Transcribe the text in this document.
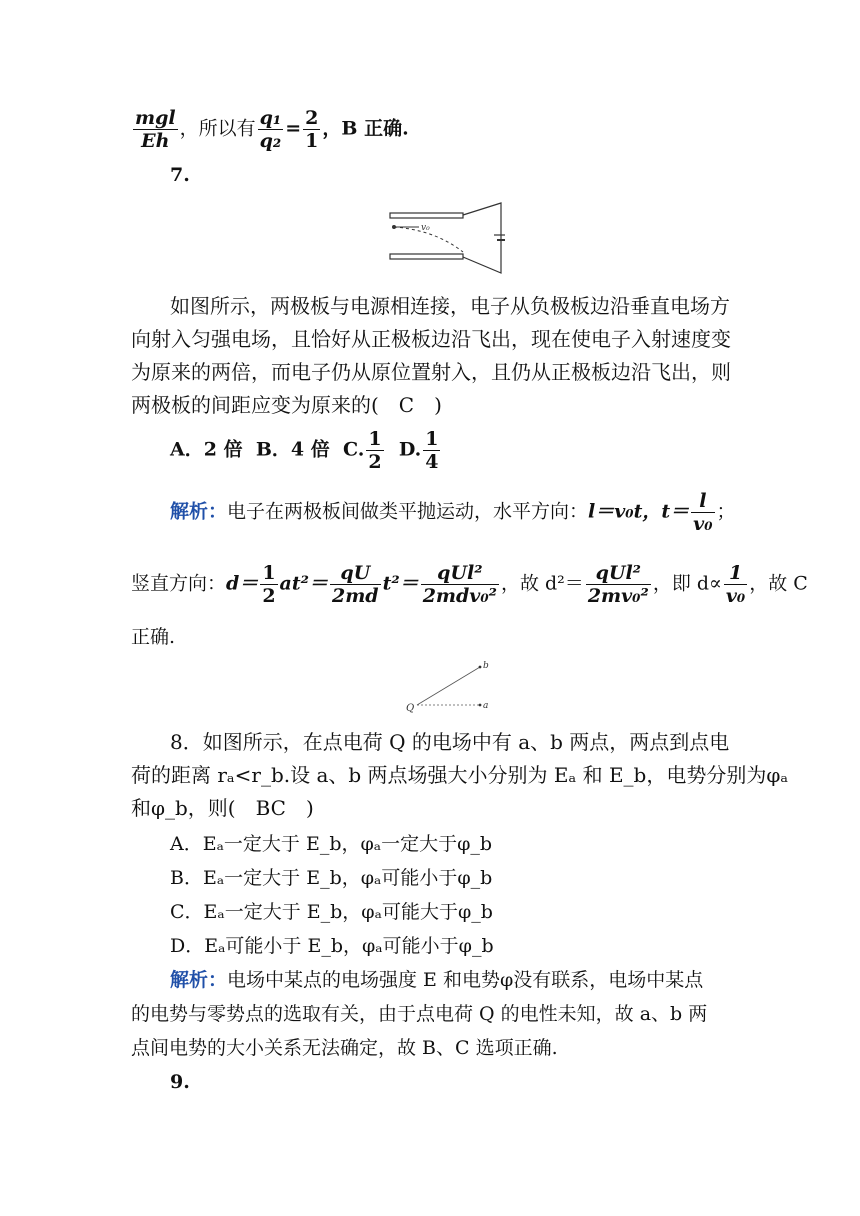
$\frac{\text{mgl}}{Eh}$ ，所以有 $\frac{\text{q₁}}{\text{q₂}} = \frac{2}{1}$ ，B 正确.
7.
v₀
如图所示，两极板与电源相连接，电子从负极板边沿垂直电场方
向射入匀强电场，且恰好从正极板边沿飞出，现在使电子入射速度变
为原来的两倍，而电子仍从原位置射入，且仍从正极板边沿飞出，则
两极板的间距应变为原来的(　C　)
A．2 倍 B．4 倍 C. $\frac{1}{2} D$. $\frac{1}{4}$
解析：电子在两极板间做类平抛运动，水平方向：l＝v₀t，$t= \frac{l}{\text{v₀}}$ ；
竖直方向：$d= \frac{1}{2} at^2= \frac{qU}{2md} t^2= \frac{\text{qUl²}}{\text{2mdv₀²}}$ ，故 $d^2= \frac{\text{qUl²}}{\text{2mv₀²}}$ ，即 $d\propto \frac{1}{\text{v₀}}$ ，故 C
正确.
b
a
Q
8．如图所示，在点电荷 Q 的电场中有 a、b 两点，两点到点电
荷的距离 rₐ<r_b.设 a、b 两点场强大小分别为 Eₐ 和 E_b，电势分别为φₐ
和φ_b，则(　BC　)
A．Eₐ一定大于 E_b，φₐ一定大于φ_b
B．Eₐ一定大于 E_b，φₐ可能小于φ_b
C．Eₐ一定大于 E_b，φₐ可能大于φ_b
D．Eₐ可能小于 E_b，φₐ可能小于φ_b
解析：电场中某点的电场强度 E 和电势φ没有联系，电场中某点
的电势与零势点的选取有关，由于点电荷 Q 的电性未知，故 a、b 两
点间电势的大小关系无法确定，故 B、C 选项正确.
9.
